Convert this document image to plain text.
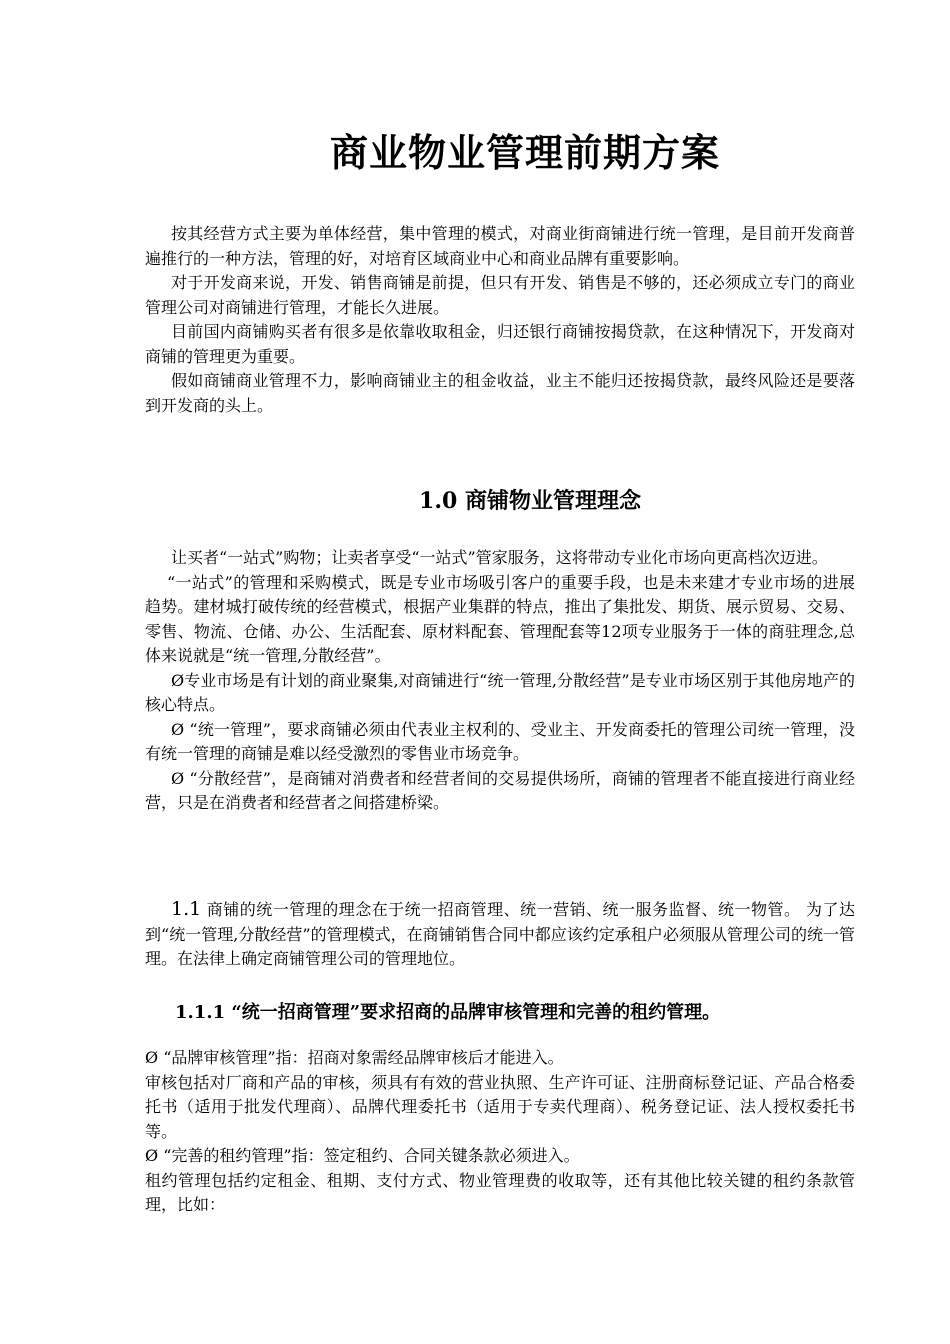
商业物业管理前期方案

按其经营方式主要为单体经营，集中管理的模式，对商业街商铺进行统一管理，是目前开发商普遍推行的一种方法，管理的好，对培育区域商业中心和商业品牌有重要影响。

对于开发商来说，开发、销售商铺是前提，但只有开发、销售是不够的，还必须成立专门的商业管理公司对商铺进行管理，才能长久进展。

目前国内商铺购买者有很多是依靠收取租金，归还银行商铺按揭贷款，在这种情况下，开发商对商铺的管理更为重要。

假如商铺商业管理不力，影响商铺业主的租金收益，业主不能归还按揭贷款，最终风险还是要落到开发商的头上。

1.0 商铺物业管理理念

让买者“一站式”购物；让卖者享受“一站式”管家服务，这将带动专业化市场向更高档次迈进。

“一站式”的管理和采购模式，既是专业市场吸引客户的重要手段，也是未来建才专业市场的进展趋势。建材城打破传统的经营模式，根据产业集群的特点，推出了集批发、期货、展示贸易、交易、零售、物流、仓储、办公、生活配套、原材料配套、管理配套等12项专业服务于一体的商驻理念,总体来说就是“统一管理,分散经营”。

Ø专业市场是有计划的商业聚集,对商铺进行“统一管理,分散经营”是专业市场区别于其他房地产的核心特点。

Ø “统一管理”，要求商铺必须由代表业主权利的、受业主、开发商委托的管理公司统一管理，没有统一管理的商铺是难以经受激烈的零售业市场竞争。

Ø “分散经营”，是商铺对消费者和经营者间的交易提供场所，商铺的管理者不能直接进行商业经营，只是在消费者和经营者之间搭建桥梁。

1.1 商铺的统一管理的理念在于统一招商管理、统一营销、统一服务监督、统一物管。 为了达到“统一管理,分散经营”的管理模式，在商铺销售合同中都应该约定承租户必须服从管理公司的统一管理。在法律上确定商铺管理公司的管理地位。

1.1.1 “统一招商管理”要求招商的品牌审核管理和完善的租约管理。

Ø “品牌审核管理”指：招商对象需经品牌审核后才能进入。

审核包括对厂商和产品的审核，须具有有效的营业执照、生产许可证、注册商标登记证、产品合格委托书（适用于批发代理商）、品牌代理委托书（适用于专卖代理商）、税务登记证、法人授权委托书等。

Ø “完善的租约管理”指：签定租约、合同关键条款必须进入。

租约管理包括约定租金、租期、支付方式、物业管理费的收取等，还有其他比较关键的租约条款管理，比如：
